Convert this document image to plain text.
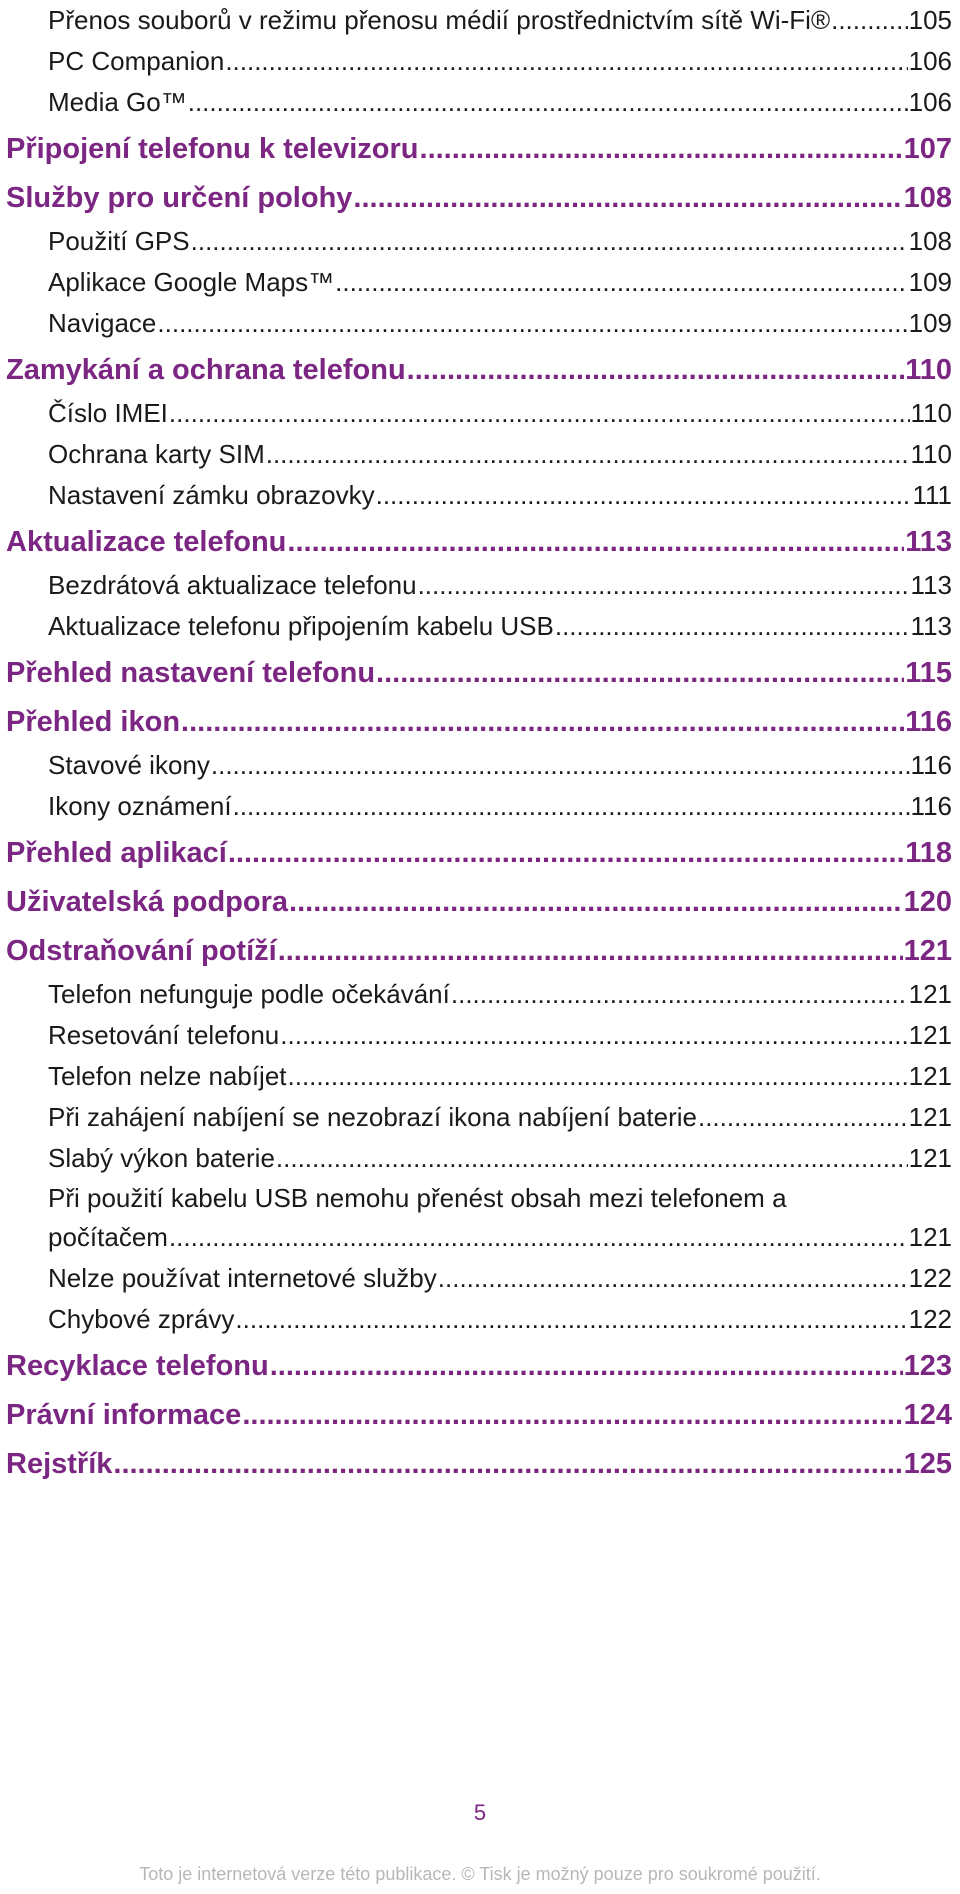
Přenos souborů v režimu přenosu médií prostřednictvím sítě Wi-Fi® .....	105
PC Companion .....	106
Media Go™ .....	106
Připojení telefonu k televizoru .....	107
Služby pro určení polohy .....	108
Použití GPS .....	108
Aplikace Google Maps™ .....	109
Navigace .....	109
Zamykání a ochrana telefonu .....	110
Číslo IMEI .....	110
Ochrana karty SIM .....	110
Nastavení zámku obrazovky .....	111
Aktualizace telefonu .....	113
Bezdrátová aktualizace telefonu .....	113
Aktualizace telefonu připojením kabelu USB .....	113
Přehled nastavení telefonu .....	115
Přehled ikon .....	116
Stavové ikony .....	116
Ikony oznámení .....	116
Přehled aplikací .....	118
Uživatelská podpora .....	120
Odstraňování potíží .....	121
Telefon nefunguje podle očekávání .....	121
Resetování telefonu .....	121
Telefon nelze nabíjet .....	121
Při zahájení nabíjení se nezobrazí ikona nabíjení baterie .....	121
Slabý výkon baterie .....	121
Při použití kabelu USB nemohu přenést obsah mezi telefonem a
počítačem .....	121
Nelze používat internetové služby .....	122
Chybové zprávy .....	122
Recyklace telefonu .....	123
Právní informace .....	124
Rejstřík .....	125
5
Toto je internetová verze této publikace. © Tisk je možný pouze pro soukromé použití.
